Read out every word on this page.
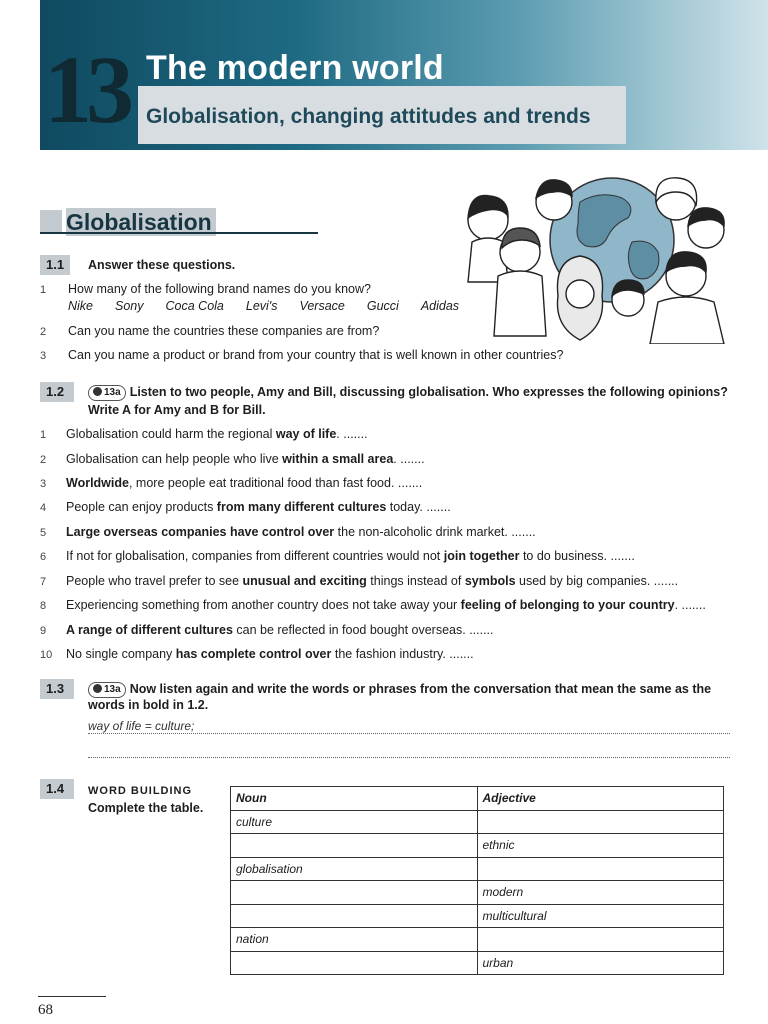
13 The modern world
Globalisation, changing attitudes and trends
Globalisation
1.1	Answer these questions.
1 How many of the following brand names do you know?
Nike Sony Coca Cola Levi's Versace Gucci Adidas
2 Can you name the countries these companies are from?
3 Can you name a product or brand from your country that is well known in other countries?
1.2	13a Listen to two people, Amy and Bill, discussing globalisation. Who expresses the following opinions?
Write A for Amy and B for Bill.
1 Globalisation could harm the regional way of life. .......
2 Globalisation can help people who live within a small area. .......
3 Worldwide, more people eat traditional food than fast food. .......
4 People can enjoy products from many different cultures today. .......
5 Large overseas companies have control over the non-alcoholic drink market. .......
6 If not for globalisation, companies from different countries would not join together to do business. .......
7 People who travel prefer to see unusual and exciting things instead of symbols used by big companies. .......
8 Experiencing something from another country does not take away your feeling of belonging to your country. .......
9 A range of different cultures can be reflected in food bought overseas. .......
10 No single company has complete control over the fashion industry. .......
1.3	13a Now listen again and write the words or phrases from the conversation that mean the same as the
words in bold in 1.2.
way of life = culture;
1.4	WORD BUILDING
Complete the table.
Noun	Adjective
culture	
	ethnic
globalisation	
	modern
	multicultural
nation	
	urban
68
